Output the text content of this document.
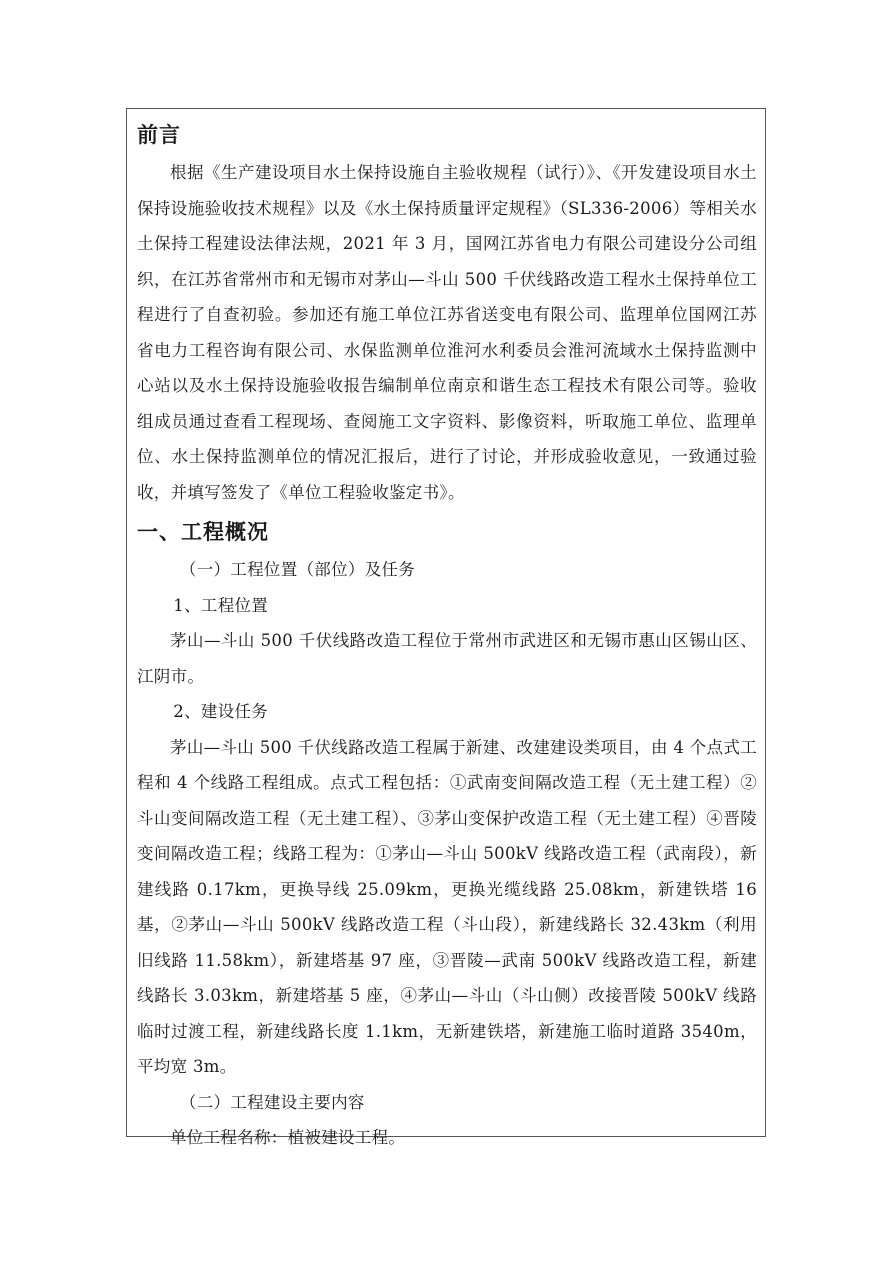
前言

根据《生产建设项目水土保持设施自主验收规程（试行）》、《开发建设项目水土保持设施验收技术规程》以及《水土保持质量评定规程》（SL336-2006）等相关水土保持工程建设法律法规，2021 年 3 月，国网江苏省电力有限公司建设分公司组织，在江苏省常州市和无锡市对茅山—斗山 500 千伏线路改造工程水土保持单位工程进行了自查初验。参加还有施工单位江苏省送变电有限公司、监理单位国网江苏省电力工程咨询有限公司、水保监测单位淮河水利委员会淮河流域水土保持监测中心站以及水土保持设施验收报告编制单位南京和谐生态工程技术有限公司等。验收组成员通过查看工程现场、查阅施工文字资料、影像资料，听取施工单位、监理单位、水土保持监测单位的情况汇报后，进行了讨论，并形成验收意见，一致通过验收，并填写签发了《单位工程验收鉴定书》。

一、工程概况

（一）工程位置（部位）及任务

1、工程位置

茅山—斗山 500 千伏线路改造工程位于常州市武进区和无锡市惠山区锡山区、江阴市。

2、建设任务

茅山—斗山 500 千伏线路改造工程属于新建、改建建设类项目，由 4 个点式工程和 4 个线路工程组成。点式工程包括：①武南变间隔改造工程（无土建工程）②斗山变间隔改造工程（无土建工程）、③茅山变保护改造工程（无土建工程）④晋陵变间隔改造工程；线路工程为：①茅山—斗山 500kV 线路改造工程（武南段），新建线路 0.17km，更换导线 25.09km，更换光缆线路 25.08km，新建铁塔 16 基，②茅山—斗山 500kV 线路改造工程（斗山段），新建线路长 32.43km（利用旧线路 11.58km），新建塔基 97 座，③晋陵—武南 500kV 线路改造工程，新建线路长 3.03km，新建塔基 5 座，④茅山—斗山（斗山侧）改接晋陵 500kV 线路临时过渡工程，新建线路长度 1.1km，无新建铁塔，新建施工临时道路 3540m，平均宽 3m。

（二）工程建设主要内容

单位工程名称：植被建设工程。
